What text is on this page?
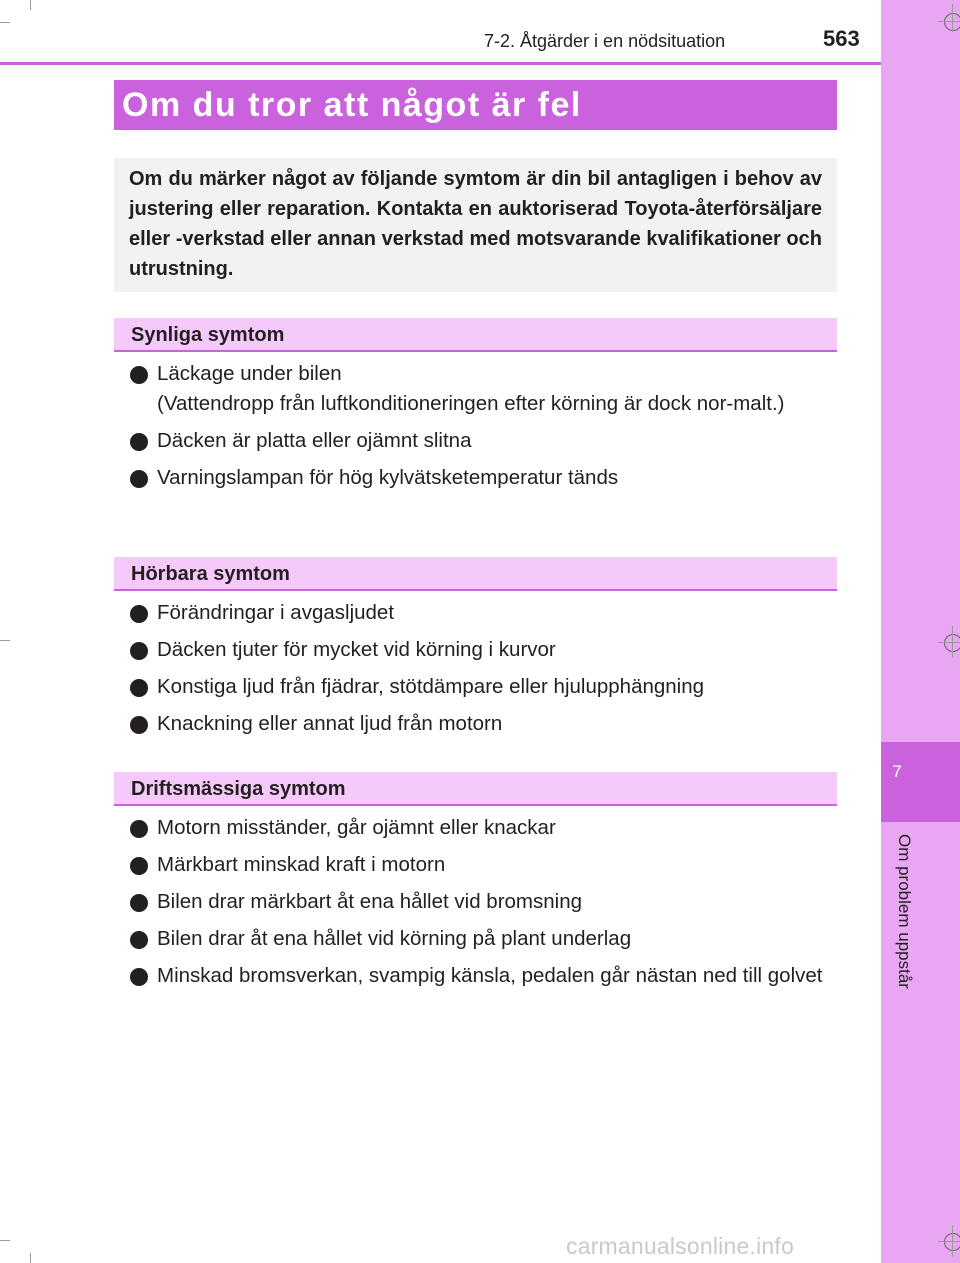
7
Om problem uppstår
7-2. Åtgärder i en nödsituation	563
Om du tror att något är fel
Om du märker något av följande symtom är din bil antagligen i behov av justering eller reparation. Kontakta en auktoriserad Toyota-återförsäljare eller -verkstad eller annan verkstad med motsvarande kvalifikationer och utrustning.
Synliga symtom
Läckage under bilen
(Vattendropp från luftkonditioneringen efter körning är dock nor-malt.)
Däcken är platta eller ojämnt slitna
Varningslampan för hög kylvätsketemperatur tänds
Hörbara symtom
Förändringar i avgasljudet
Däcken tjuter för mycket vid körning i kurvor
Konstiga ljud från fjädrar, stötdämpare eller hjulupphängning
Knackning eller annat ljud från motorn
Driftsmässiga symtom
Motorn misständer, går ojämnt eller knackar
Märkbart minskad kraft i motorn
Bilen drar märkbart åt ena hållet vid bromsning
Bilen drar åt ena hållet vid körning på plant underlag
Minskad bromsverkan, svampig känsla, pedalen går nästan ned till golvet
carmanualsonline.info
